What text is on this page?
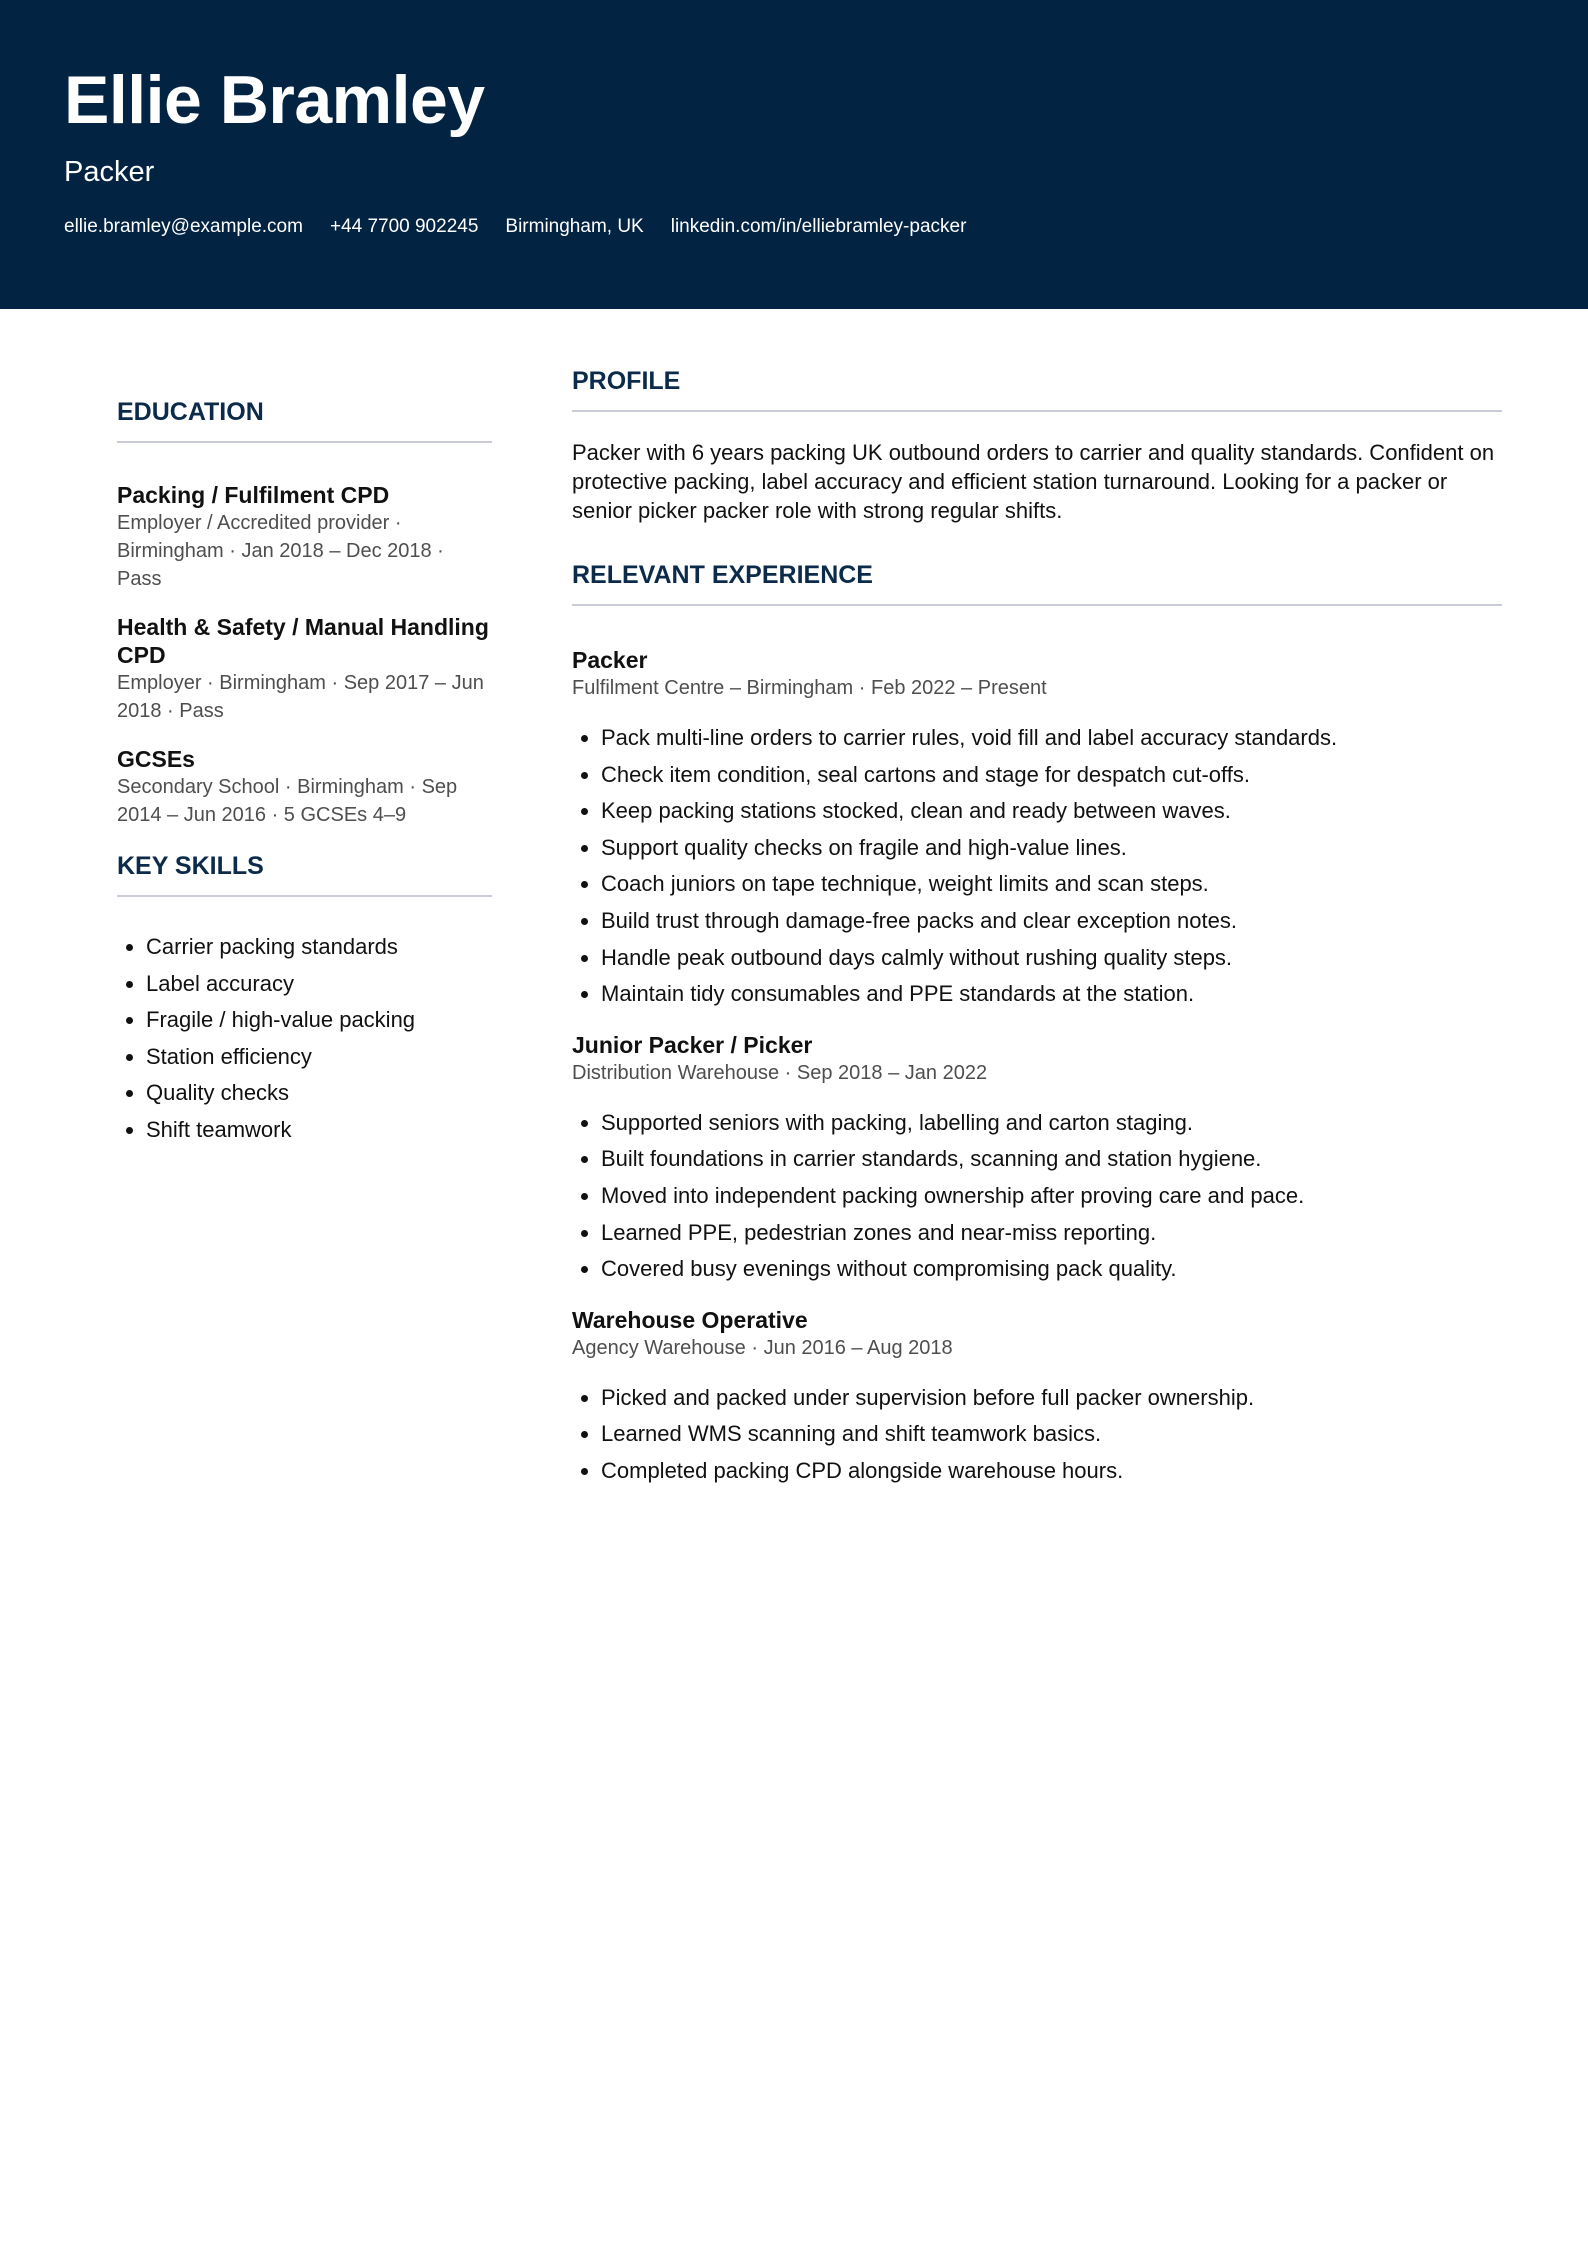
Ellie Bramley
Packer
ellie.bramley@example.com +44 7700 902245 Birmingham, UK linkedin.com/in/elliebramley-packer
EDUCATION
Packing / Fulfilment CPD
Employer / Accredited provider · Birmingham · Jan 2018 – Dec 2018 · Pass
Health & Safety / Manual Handling CPD
Employer · Birmingham · Sep 2017 – Jun 2018 · Pass
GCSEs
Secondary School · Birmingham · Sep 2014 – Jun 2016 · 5 GCSEs 4–9
KEY SKILLS
• Carrier packing standards
• Label accuracy
• Fragile / high-value packing
• Station efficiency
• Quality checks
• Shift teamwork
PROFILE
Packer with 6 years packing UK outbound orders to carrier and quality standards. Confident on protective packing, label accuracy and efficient station turnaround. Looking for a packer or senior picker packer role with strong regular shifts.
RELEVANT EXPERIENCE
Packer
Fulfilment Centre – Birmingham · Feb 2022 – Present
• Pack multi-line orders to carrier rules, void fill and label accuracy standards.
• Check item condition, seal cartons and stage for despatch cut-offs.
• Keep packing stations stocked, clean and ready between waves.
• Support quality checks on fragile and high-value lines.
• Coach juniors on tape technique, weight limits and scan steps.
• Build trust through damage-free packs and clear exception notes.
• Handle peak outbound days calmly without rushing quality steps.
• Maintain tidy consumables and PPE standards at the station.
Junior Packer / Picker
Distribution Warehouse · Sep 2018 – Jan 2022
• Supported seniors with packing, labelling and carton staging.
• Built foundations in carrier standards, scanning and station hygiene.
• Moved into independent packing ownership after proving care and pace.
• Learned PPE, pedestrian zones and near-miss reporting.
• Covered busy evenings without compromising pack quality.
Warehouse Operative
Agency Warehouse · Jun 2016 – Aug 2018
• Picked and packed under supervision before full packer ownership.
• Learned WMS scanning and shift teamwork basics.
• Completed packing CPD alongside warehouse hours.
